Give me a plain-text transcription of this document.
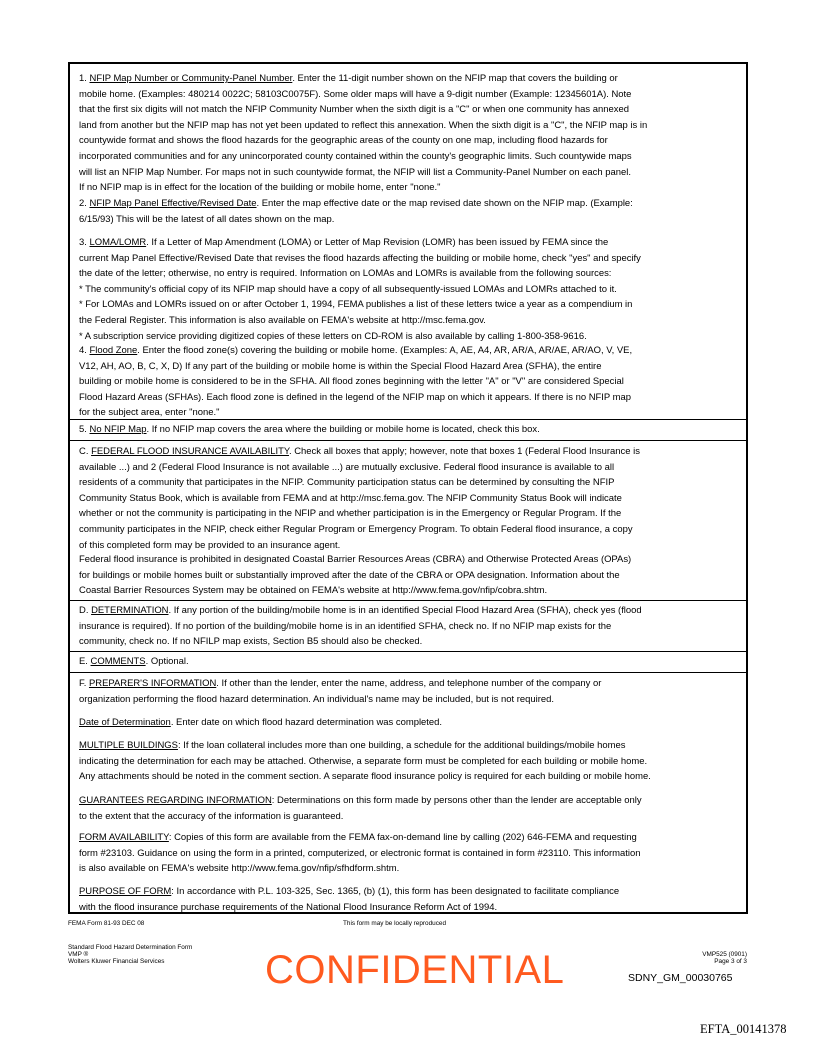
1. NFIP Map Number or Community-Panel Number. Enter the 11-digit number shown on the NFIP map that covers the building or

mobile home. (Examples: 480214 0022C; 58103C0075F). Some older maps will have a 9-digit number (Example: 12345601A). Note

that the first six digits will not match the NFIP Community Number when the sixth digit is a "C" or when one community has annexed

land from another but the NFIP map has not yet been updated to reflect this annexation. When the sixth digit is a "C", the NFIP map is in

countywide format and shows the flood hazards for the geographic areas of the county on one map, including flood hazards for

incorporated communities and for any unincorporated county contained within the county's geographic limits. Such countywide maps

will list an NFIP Map Number. For maps not in such countywide format, the NFIP will list a Community-Panel Number on each panel.

If no NFIP map is in effect for the location of the building or mobile home, enter "none."

2. NFIP Map Panel Effective/Revised Date. Enter the map effective date or the map revised date shown on the NFIP map. (Example:

6/15/93) This will be the latest of all dates shown on the map.

3. LOMA/LOMR. If a Letter of Map Amendment (LOMA) or Letter of Map Revision (LOMR) has been issued by FEMA since the

current Map Panel Effective/Revised Date that revises the flood hazards affecting the building or mobile home, check "yes" and specify

the date of the letter; otherwise, no entry is required. Information on LOMAs and LOMRs is available from the following sources:

* The community's official copy of its NFIP map should have a copy of all subsequently-issued LOMAs and LOMRs attached to it.

* For LOMAs and LOMRs issued on or after October 1, 1994, FEMA publishes a list of these letters twice a year as a compendium in

the Federal Register. This information is also available on FEMA's website at http://msc.fema.gov.

* A subscription service providing digitized copies of these letters on CD-ROM is also available by calling 1-800-358-9616.

4. Flood Zone. Enter the flood zone(s) covering the building or mobile home. (Examples: A, AE, A4, AR, AR/A, AR/AE, AR/AO, V, VE,

V12, AH, AO, B, C, X, D) If any part of the building or mobile home is within the Special Flood Hazard Area (SFHA), the entire

building or mobile home is considered to be in the SFHA. All flood zones beginning with the letter "A" or "V" are considered Special

Flood Hazard Areas (SFHAs). Each flood zone is defined in the legend of the NFIP map on which it appears. If there is no NFIP map

for the subject area, enter "none."

5. No NFIP Map. If no NFIP map covers the area where the building or mobile home is located, check this box.

C. FEDERAL FLOOD INSURANCE AVAILABILITY. Check all boxes that apply; however, note that boxes 1 (Federal Flood Insurance is

available ...) and 2 (Federal Flood Insurance is not available ...) are mutually exclusive. Federal flood insurance is available to all

residents of a community that participates in the NFIP. Community participation status can be determined by consulting the NFIP

Community Status Book, which is available from FEMA and at http://msc.fema.gov. The NFIP Community Status Book will indicate

whether or not the community is participating in the NFIP and whether participation is in the Emergency or Regular Program. If the

community participates in the NFIP, check either Regular Program or Emergency Program. To obtain Federal flood insurance, a copy

of this completed form may be provided to an insurance agent.

Federal flood insurance is prohibited in designated Coastal Barrier Resources Areas (CBRA) and Otherwise Protected Areas (OPAs)

for buildings or mobile homes built or substantially improved after the date of the CBRA or OPA designation. Information about the

Coastal Barrier Resources System may be obtained on FEMA's website at http://www.fema.gov/nfip/cobra.shtm.

D. DETERMINATION. If any portion of the building/mobile home is in an identified Special Flood Hazard Area (SFHA), check yes (flood

insurance is required). If no portion of the building/mobile home is in an identified SFHA, check no. If no NFIP map exists for the

community, check no. If no NFILP map exists, Section B5 should also be checked.

E. COMMENTS. Optional.

F. PREPARER'S INFORMATION. If other than the lender, enter the name, address, and telephone number of the company or

organization performing the flood hazard determination. An individual's name may be included, but is not required.

Date of Determination. Enter date on which flood hazard determination was completed.

MULTIPLE BUILDINGS: If the loan collateral includes more than one building, a schedule for the additional buildings/mobile homes

indicating the determination for each may be attached. Otherwise, a separate form must be completed for each building or mobile home.

Any attachments should be noted in the comment section. A separate flood insurance policy is required for each building or mobile home.

GUARANTEES REGARDING INFORMATION: Determinations on this form made by persons other than the lender are acceptable only

to the extent that the accuracy of the information is guaranteed.

FORM AVAILABILITY: Copies of this form are available from the FEMA fax-on-demand line by calling (202) 646-FEMA and requesting

form #23103. Guidance on using the form in a printed, computerized, or electronic format is contained in form #23110. This information

is also available on FEMA's website http://www.fema.gov/nfip/sfhdform.shtm.

PURPOSE OF FORM: In accordance with P.L. 103-325, Sec. 1365, (b) (1), this form has been designated to facilitate compliance

with the flood insurance purchase requirements of the National Flood Insurance Reform Act of 1994.

FEMA Form 81-93 DEC 08	This form may be locally reproduced
Standard Flood Hazard Determination Form
VMP ®
Wolters Kluwer Financial Services
VMP525 (0901)
Page 3 of 3
CONFIDENTIAL	SDNY_GM_00030765
EFTA_00141378
